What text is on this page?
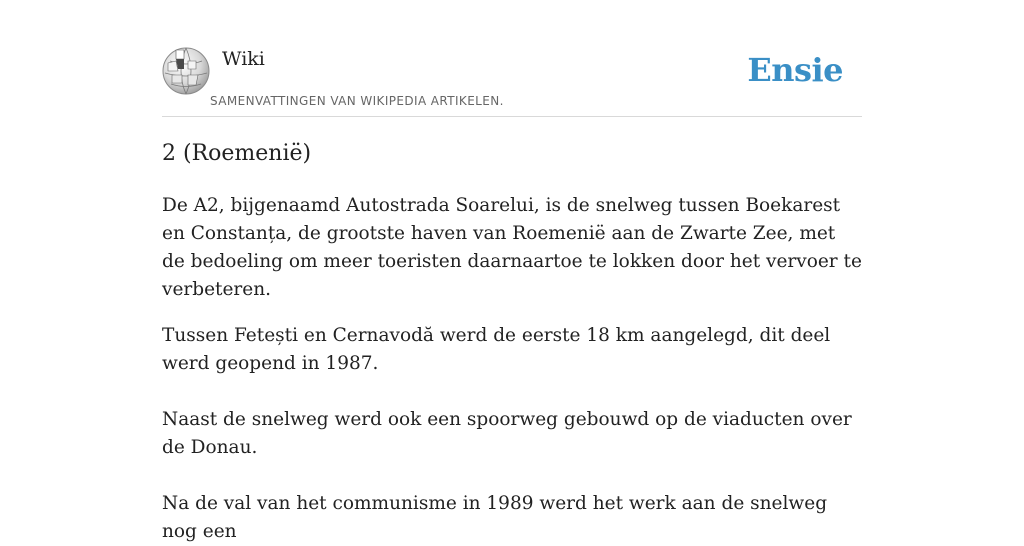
Wiki
SAMENVATTINGEN VAN WIKIPEDIA ARTIKELEN.
Ensie
2 (Roemenië)

De A2, bijgenaamd Autostrada Soarelui, is de snelweg tussen Boekarest en Constanța, de grootste haven van Roemenië aan de Zwarte Zee, met de bedoeling om meer toeristen daarnaartoe te lokken door het vervoer te verbeteren.

Tussen Fetești en Cernavodă werd de eerste 18 km aangelegd, dit deel werd geopend in 1987.

Naast de snelweg werd ook een spoorweg gebouwd op de viaducten over de Donau.

Na de val van het communisme in 1989 werd het werk aan de snelweg nog een
